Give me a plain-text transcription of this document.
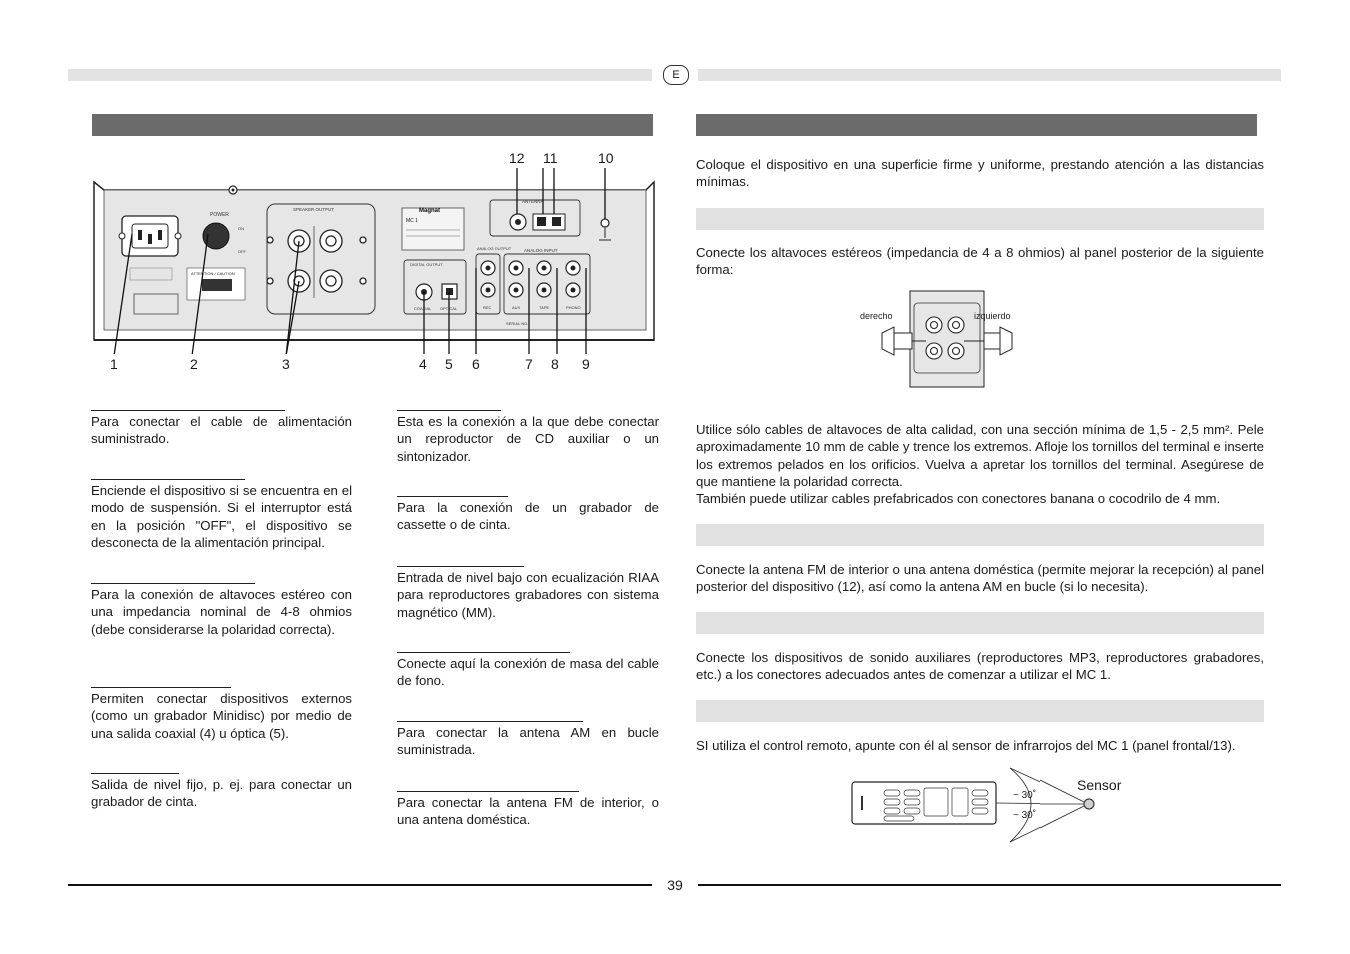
E
12 11	10
POWER
ON
OFF
ATTENTION / CAUTION
SPEAKER OUTPUT	Magnat
MC 1
ANTENNA
DIGITAL OUTPUT
COAXIAL OPTICAL
ANALOG OUTPUT	ANALOG INPUT
REC	AUX	TAPE	PHONO
SERIAL NO.
1	2	3	4 5 6	7 8 9
Para conectar el cable de alimentación suministrado.
Enciende el dispositivo si se encuentra en el modo de suspensión. Si el interruptor está en la posición "OFF", el dispositivo se desconecta de la alimentación principal.
Para la conexión de altavoces estéreo con una impedancia nominal de 4-8 ohmios (debe considerarse la polaridad correcta).
Permiten conectar dispositivos externos (como un grabador Minidisc) por medio de una salida coaxial (4) u óptica (5).
Salida de nivel fijo, p. ej. para conectar un grabador de cinta.
Esta es la conexión a la que debe conectar un reproductor de CD auxiliar o un sintonizador.
Para la conexión de un grabador de cassette o de cinta.
Entrada de nivel bajo con ecualización RIAA para reproductores grabadores con sistema magnético (MM).
Conecte aquí la conexión de masa del cable de fono.
Para conectar la antena AM en bucle suministrada.
Para conectar la antena FM de interior, o una antena doméstica.
Coloque el dispositivo en una superficie firme y uniforme, prestando atención a las distancias mínimas.
Conecte los altavoces estéreos (impedancia de 4 a 8 ohmios) al panel posterior de la siguiente forma:
derecho	izquierdo
Utilice sólo cables de altavoces de alta calidad, con una sección mínima de 1,5 - 2,5 mm². Pele aproximadamente 10 mm de cable y trence los extremos. Afloje los tornillos del terminal e inserte los extremos pelados en los orificios. Vuelva a apretar los tornillos del terminal. Asegúrese de que mantiene la polaridad correcta.
También puede utilizar cables prefabricados con conectores banana o cocodrilo de 4 mm.
Conecte la antena FM de interior o una antena doméstica (permite mejorar la recepción) al panel posterior del dispositivo (12), así como la antena AM en bucle (si lo necesita).
Conecte los dispositivos de sonido auxiliares (reproductores MP3, reproductores grabadores, etc.) a los conectores adecuados antes de comenzar a utilizar el MC 1.
SI utiliza el control remoto, apunte con él al sensor de infrarrojos del MC 1 (panel frontal/13).
~ 30˚
~ 30˚
Sensor
39
